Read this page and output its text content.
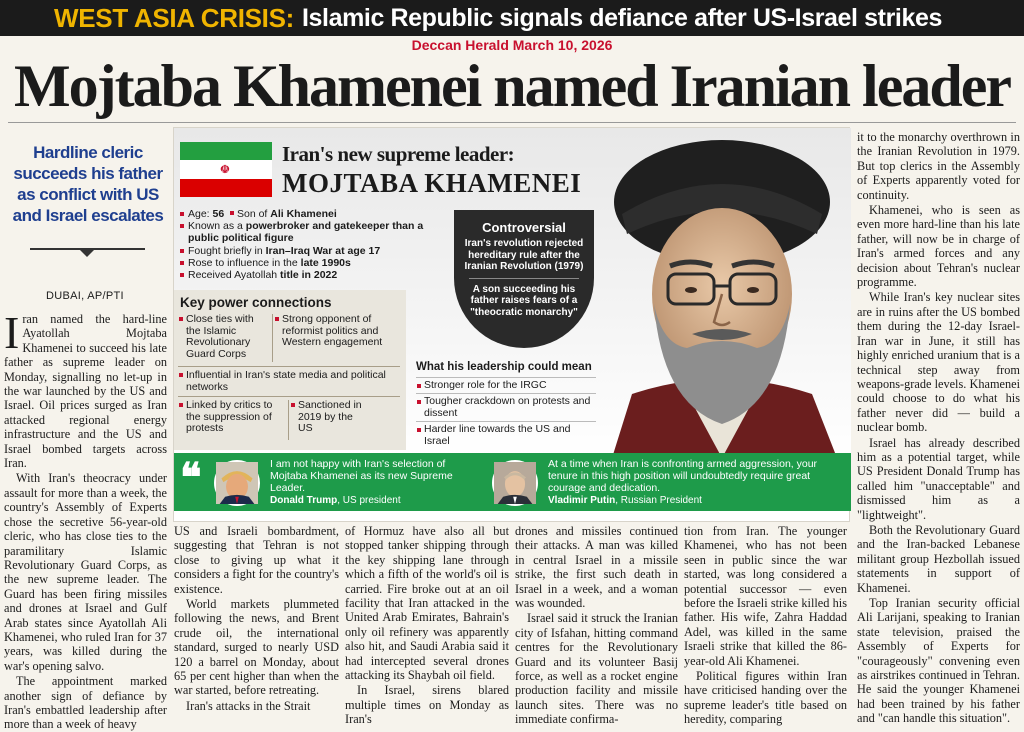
WEST ASIA CRISIS: Islamic Republic signals defiance after US-Israel strikes
Deccan Herald March 10, 2026
Mojtaba Khamenei named Iranian leader
Hardline cleric succeeds his father as conflict with US and Israel escalates
DUBAI, AP/PTI

Iran named the hard-line Ayatollah Mojtaba Khamenei to succeed his late father as supreme leader on Monday, signalling no let-up in the war launched by the US and Israel. Oil prices surged as Iran attacked regional energy infrastructure and the US and Israel bombed targets across Iran.

With Iran's theocracy under assault for more than a week, the country's Assembly of Experts chose the secretive 56-year-old cleric, who has close ties to the paramilitary Islamic Revolutionary Guard Corps, as the new supreme leader. The Guard has been firing missiles and drones at Israel and Gulf Arab states since Ayatollah Ali Khamenei, who ruled Iran for 37 years, was killed during the war's opening salvo.

The appointment marked another sign of defiance by Iran's embattled leadership after more than a week of heavy

☫
Iran's new supreme leader:
MOJTABA KHAMENEI
Age: 56 Son of Ali Khamenei
Known as a powerbroker and gatekeeper than a public political figure
Fought briefly in Iran–Iraq War at age 17
Rose to influence in the late 1990s
Received Ayatollah title in 2022
Key power connections
Close ties with the Islamic Revolutionary Guard Corps
Strong opponent of reformist politics and Western engagement
Influential in Iran's state media and political networks
Linked by critics to the suppression of protests
Sanctioned in 2019 by the US
Controversial
Iran's revolution rejected hereditary rule after the Iranian Revolution (1979)
A son succeeding his father raises fears of a "theocratic monarchy"
What his leadership could mean
Stronger role for the IRGC
Tougher crackdown on protests and dissent
Harder line towards the US and Israel
❝	I am not happy with Iran's selection of Mojtaba Khamenei as its new Supreme Leader.
Donald Trump, US president
At a time when Iran is confronting armed aggression, your tenure in this high position will undoubtedly require great courage and dedication.
Vladimir Putin, Russian President

US and Israeli bombardment, suggesting that Tehran is not close to giving up what it considers a fight for the country's existence.

World markets plummeted following the news, and Brent crude oil, the international standard, surged to nearly USD 120 a barrel on Monday, about 65 per cent higher than when the war started, before retreating.

Iran's attacks in the Strait

of Hormuz have also all but stopped tanker shipping through the key shipping lane through which a fifth of the world's oil is carried. Fire broke out at an oil facility that Iran attacked in the United Arab Emirates, Bahrain's only oil refinery was apparently also hit, and Saudi Arabia said it had intercepted several drones attacking its Shaybah oil field.

In Israel, sirens blared multiple times on Monday as Iran's

drones and missiles continued their attacks. A man was killed in central Israel in a missile strike, the first such death in Israel in a week, and a woman was wounded.

Israel said it struck the Iranian city of Isfahan, hitting command centres for the Revolutionary Guard and its volunteer Basij force, as well as a rocket engine production facility and missile launch sites. There was no immediate confirma-

tion from Iran. The younger Khamenei, who has not been seen in public since the war started, was long considered a potential successor — even before the Israeli strike killed his father. His wife, Zahra Haddad Adel, was killed in the same Israeli strike that killed the 86-year-old Ali Khamenei.

Political figures within Iran have criticised handing over the supreme leader's title based on heredity, comparing

it to the monarchy overthrown in the Iranian Revolution in 1979. But top clerics in the Assembly of Experts apparently voted for continuity.

Khamenei, who is seen as even more hard-line than his late father, will now be in charge of Iran's armed forces and any decision about Tehran's nuclear programme.

While Iran's key nuclear sites are in ruins after the US bombed them during the 12-day Israel-Iran war in June, it still has highly enriched uranium that is a technical step away from weapons-grade levels. Khamenei could choose to do what his father never did — build a nuclear bomb.

Israel has already described him as a potential target, while US President Donald Trump has called him "unacceptable" and dismissed him as a "lightweight".

Both the Revolutionary Guard and the Iran-backed Lebanese militant group Hezbollah issued statements in support of Khamenei.

Top Iranian security official Ali Larijani, speaking to Iranian state television, praised the Assembly of Experts for "courageously" convening even as airstrikes continued in Tehran. He said the younger Khamenei had been trained by his father and "can handle this situation".
